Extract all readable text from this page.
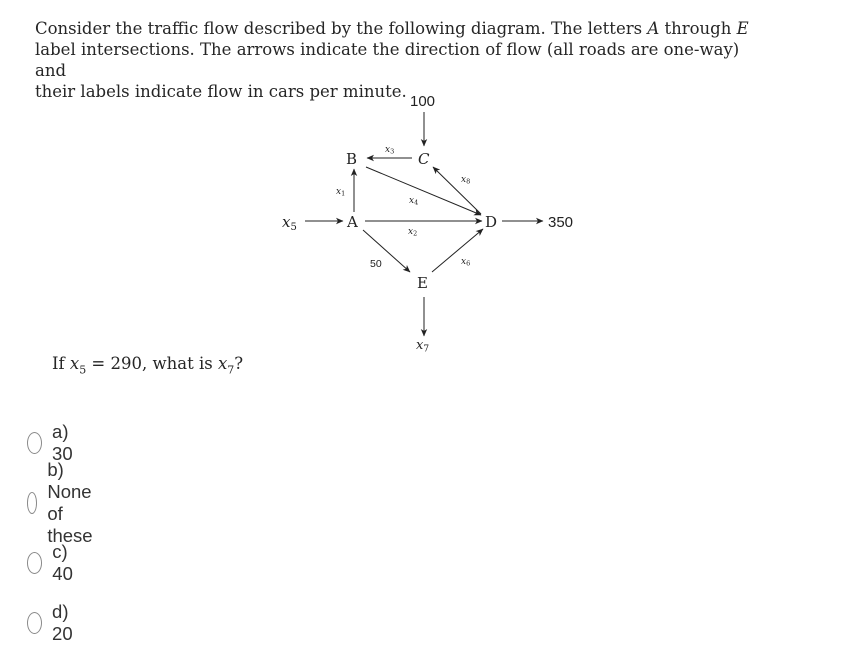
Consider the traffic flow described by the following diagram. The letters A through E
label intersections. The arrows indicate the direction of flow (all roads are one-way) and
their labels indicate flow in cars per minute.

B	C
A	D
E
100
350
50
x1
x3
x8
x4
x2
x6
$x_5$
x7

If $x_5 = 290$, what is $x_7$?

a) 30
b) None of these
c) 40
d) 20
